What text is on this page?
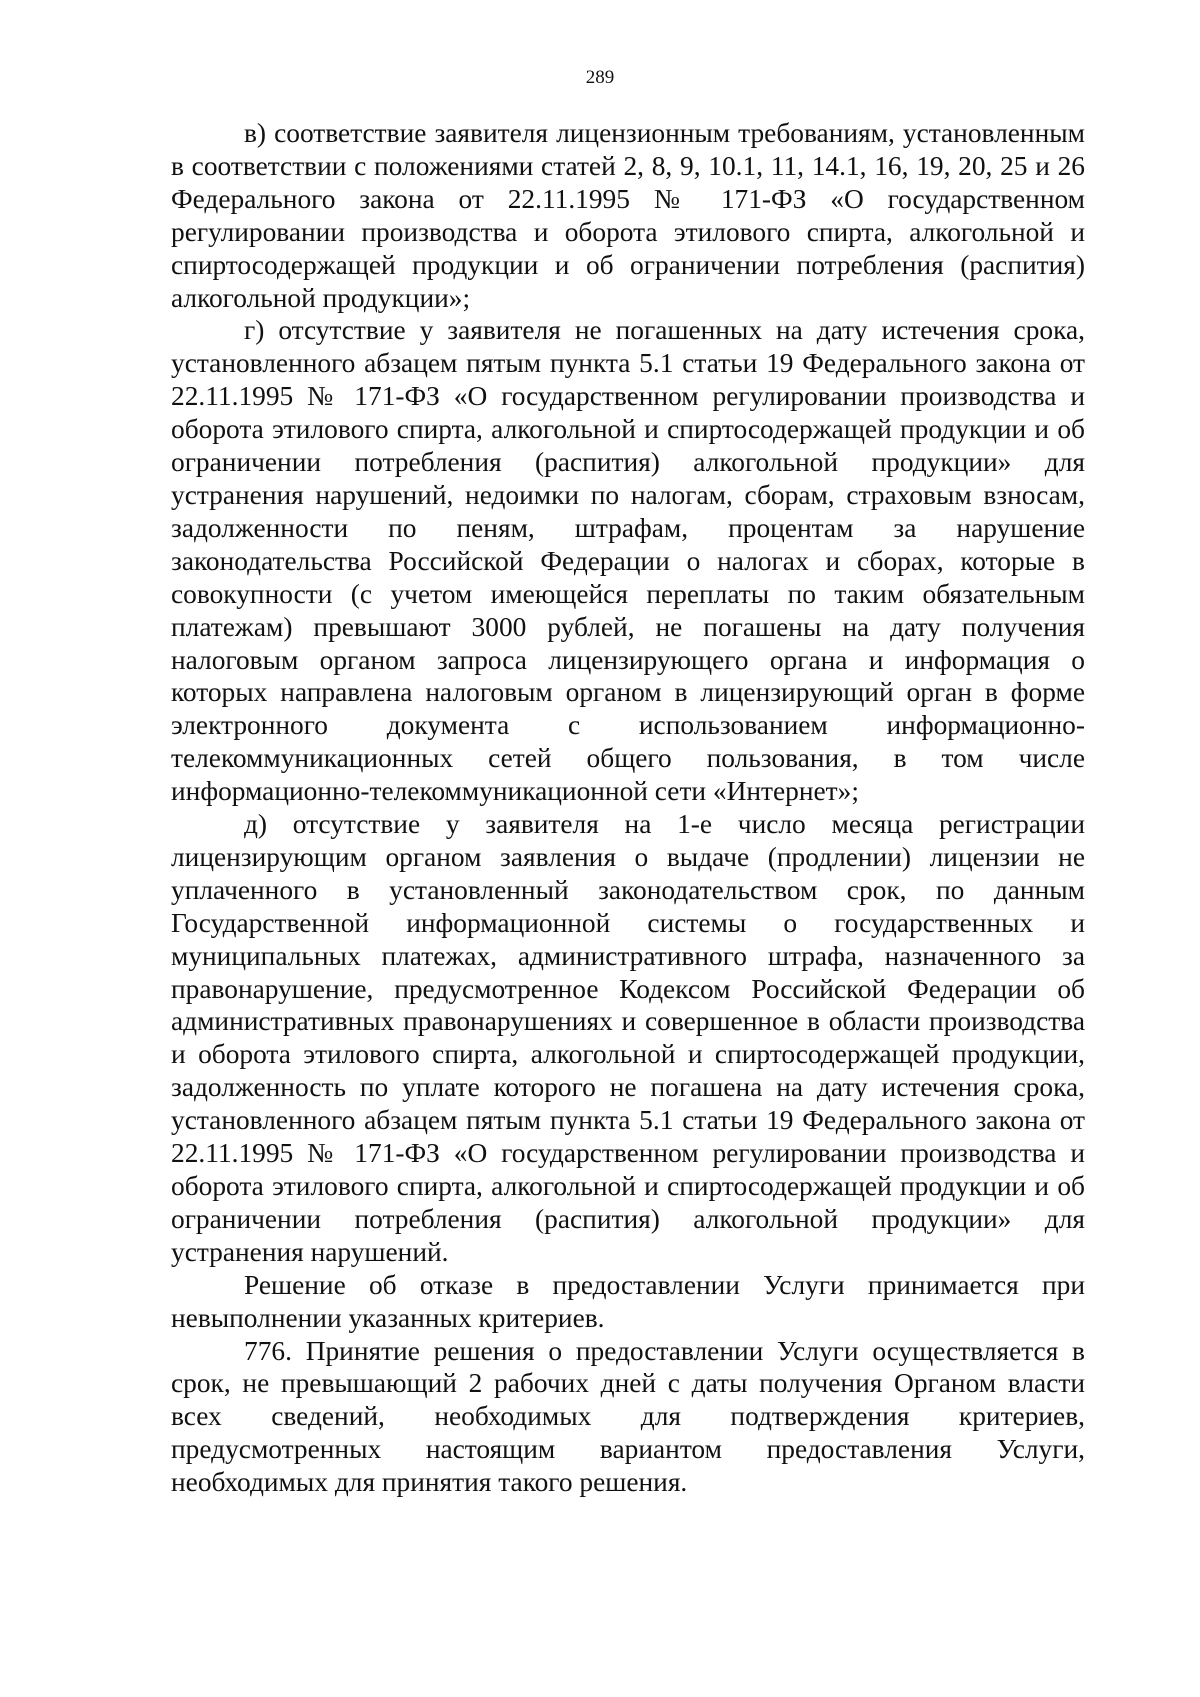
289

в) соответствие заявителя лицензионным требованиям, установленным в соответствии с положениями статей 2, 8, 9, 10.1, 11, 14.1, 16, 19, 20, 25 и 26 Федерального закона от 22.11.1995 № 171-ФЗ «О государственном регулировании производства и оборота этилового спирта, алкогольной и спиртосодержащей продукции и об ограничении потребления (распития) алкогольной продукции»;

г) отсутствие у заявителя не погашенных на дату истечения срока, установленного абзацем пятым пункта 5.1 статьи 19 Федерального закона от 22.11.1995 № 171-ФЗ «О государственном регулировании производства и оборота этилового спирта, алкогольной и спиртосодержащей продукции и об ограничении потребления (распития) алкогольной продукции» для устранения нарушений, недоимки по налогам, сборам, страховым взносам, задолженности по пеням, штрафам, процентам за нарушение законодательства Российской Федерации о налогах и сборах, которые в совокупности (с учетом имеющейся переплаты по таким обязательным платежам) превышают 3000 рублей, не погашены на дату получения налоговым органом запроса лицензирующего органа и информация о которых направлена налоговым органом в лицензирующий орган в форме электронного документа с использованием информационно-телекоммуникационных сетей общего пользования, в том числе информационно-телекоммуникационной сети «Интернет»;

д) отсутствие у заявителя на 1-е число месяца регистрации лицензирующим органом заявления о выдаче (продлении) лицензии не уплаченного в установленный законодательством срок, по данным Государственной информационной системы о государственных и муниципальных платежах, административного штрафа, назначенного за правонарушение, предусмотренное Кодексом Российской Федерации об административных правонарушениях и совершенное в области производства и оборота этилового спирта, алкогольной и спиртосодержащей продукции, задолженность по уплате которого не погашена на дату истечения срока, установленного абзацем пятым пункта 5.1 статьи 19 Федерального закона от 22.11.1995 № 171-ФЗ «О государственном регулировании производства и оборота этилового спирта, алкогольной и спиртосодержащей продукции и об ограничении потребления (распития) алкогольной продукции» для устранения нарушений.

Решение об отказе в предоставлении Услуги принимается при невыполнении указанных критериев.

776. Принятие решения о предоставлении Услуги осуществляется в срок, не превышающий 2 рабочих дней с даты получения Органом власти всех сведений, необходимых для подтверждения критериев, предусмотренных настоящим вариантом предоставления Услуги, необходимых для принятия такого решения.
